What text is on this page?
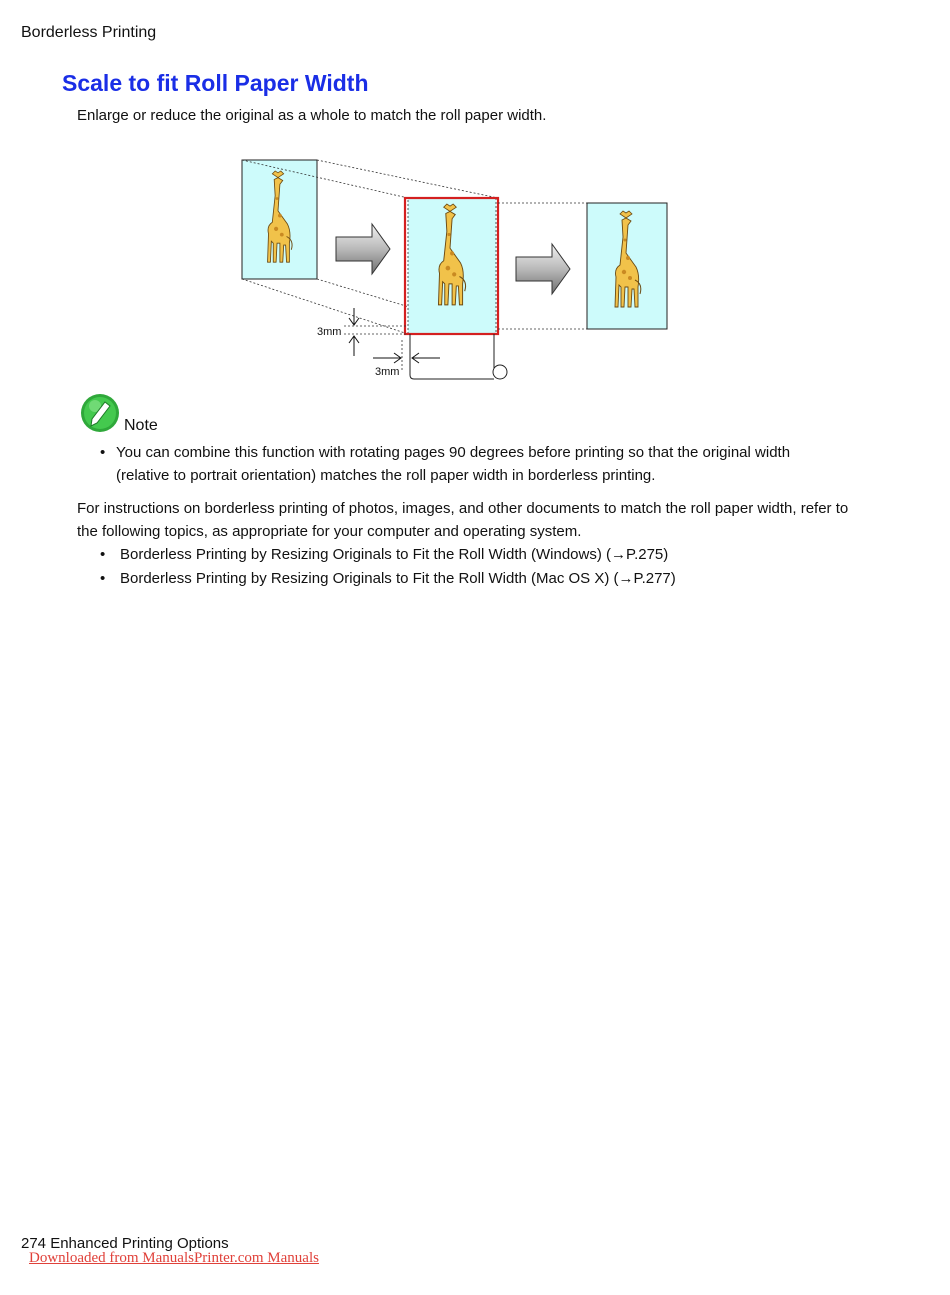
Borderless Printing
Scale to fit Roll Paper Width

Enlarge or reduce the original as a whole to match the roll paper width.

3mm
3mm
Note
• You can combine this function with rotating pages 90 degrees before printing so that the original width (relative to portrait orientation) matches the roll paper width in borderless printing.

For instructions on borderless printing of photos, images, and other documents to match the roll paper width, refer to the following topics, as appropriate for your computer and operating system.

• Borderless Printing by Resizing Originals to Fit the Roll Width (Windows) (→P.275)
• Borderless Printing by Resizing Originals to Fit the Roll Width (Mac OS X) (→P.277)
274 Enhanced Printing Options
Downloaded from ManualsPrinter.com Manuals
